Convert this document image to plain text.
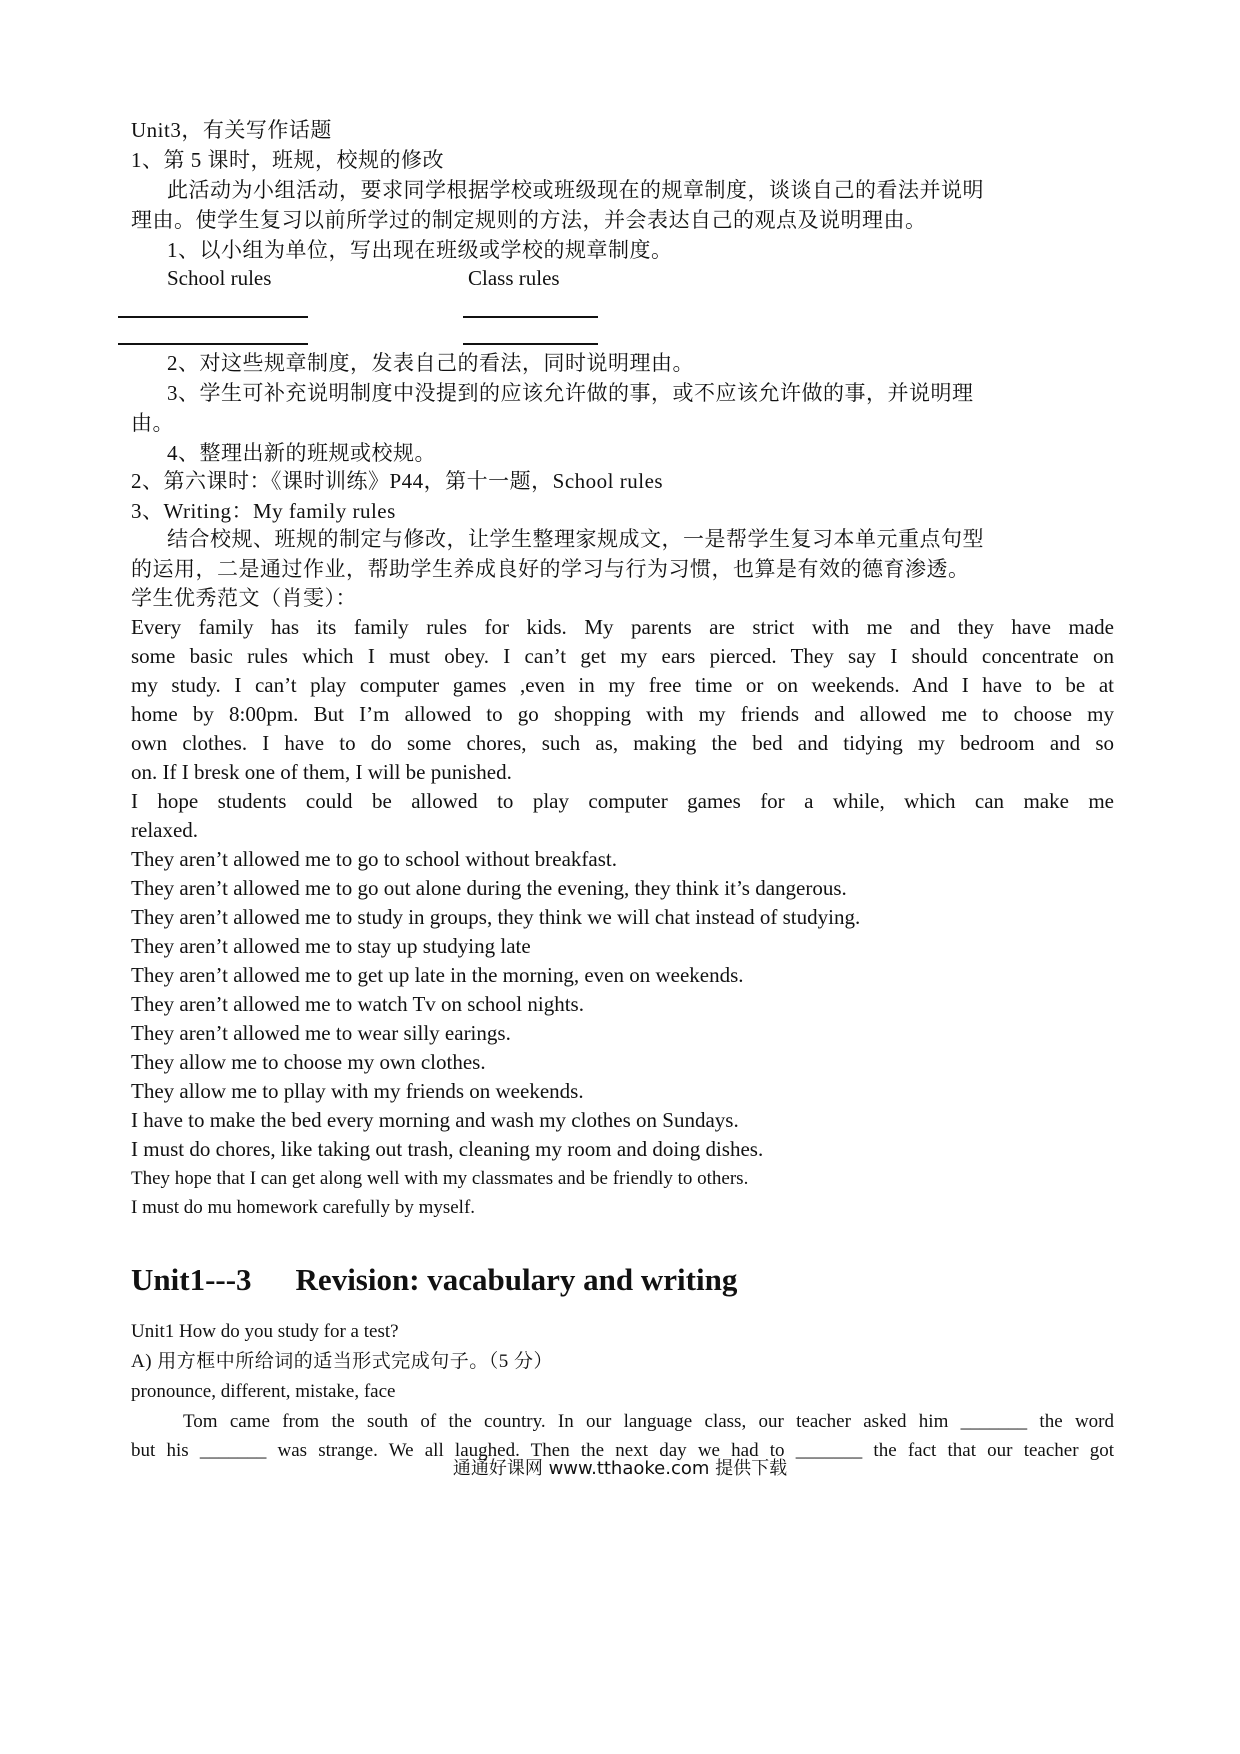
Unit3，有关写作话题
1、第 5 课时，班规，校规的修改
此活动为小组活动，要求同学根据学校或班级现在的规章制度，谈谈自己的看法并说明
理由。使学生复习以前所学过的制定规则的方法，并会表达自己的观点及说明理由。
1、以小组为单位，写出现在班级或学校的规章制度。
School rules	Class rules
2、对这些规章制度，发表自己的看法，同时说明理由。
3、学生可补充说明制度中没提到的应该允许做的事，或不应该允许做的事，并说明理
由。
4、整理出新的班规或校规。
2、第六课时：《课时训练》P44，第十一题，School rules
3、Writing：My family rules
结合校规、班规的制定与修改，让学生整理家规成文，一是帮学生复习本单元重点句型
的运用，二是通过作业，帮助学生养成良好的学习与行为习惯，也算是有效的德育渗透。
学生优秀范文（肖雯）：
Every family has its family rules for kids. My parents are strict with me and they have made
some basic rules which I must obey. I can’t get my ears pierced. They say I should concentrate on
my study. I can’t play computer games ,even in my free time or on weekends. And I have to be at
home by 8:00pm. But I’m allowed to go shopping with my friends and allowed me to choose my
own clothes. I have to do some chores, such as, making the bed and tidying my bedroom and so
on. If I bresk one of them, I will be punished.
I hope students could be allowed to play computer games for a while, which can make me
relaxed.
They aren’t allowed me to go to school without breakfast.
They aren’t allowed me to go out alone during the evening, they think it’s dangerous.
They aren’t allowed me to study in groups, they think we will chat instead of studying.
They aren’t allowed me to stay up studying late
They aren’t allowed me to get up late in the morning, even on weekends.
They aren’t allowed me to watch Tv on school nights.
They aren’t allowed me to wear silly earings.
They allow me to choose my own clothes.
They allow me to pllay with my friends on weekends.
I have to make the bed every morning and wash my clothes on Sundays.
I must do chores, like taking out trash, cleaning my room and doing dishes.
They hope that I can get along well with my classmates and be friendly to others.
I must do mu homework carefully by myself.
Unit1---3 Revision: vacabulary and writing
Unit1 How do you study for a test?
A) 用方框中所给词的适当形式完成句子。（5 分）
pronounce, different, mistake, face
Tom came from the south of the country. In our language class, our teacher asked him _______ the word
but his _______ was strange. We all laughed. Then the next day we had to _______ the fact that our teacher got
通通好课网 www.tthaoke.com 提供下载
